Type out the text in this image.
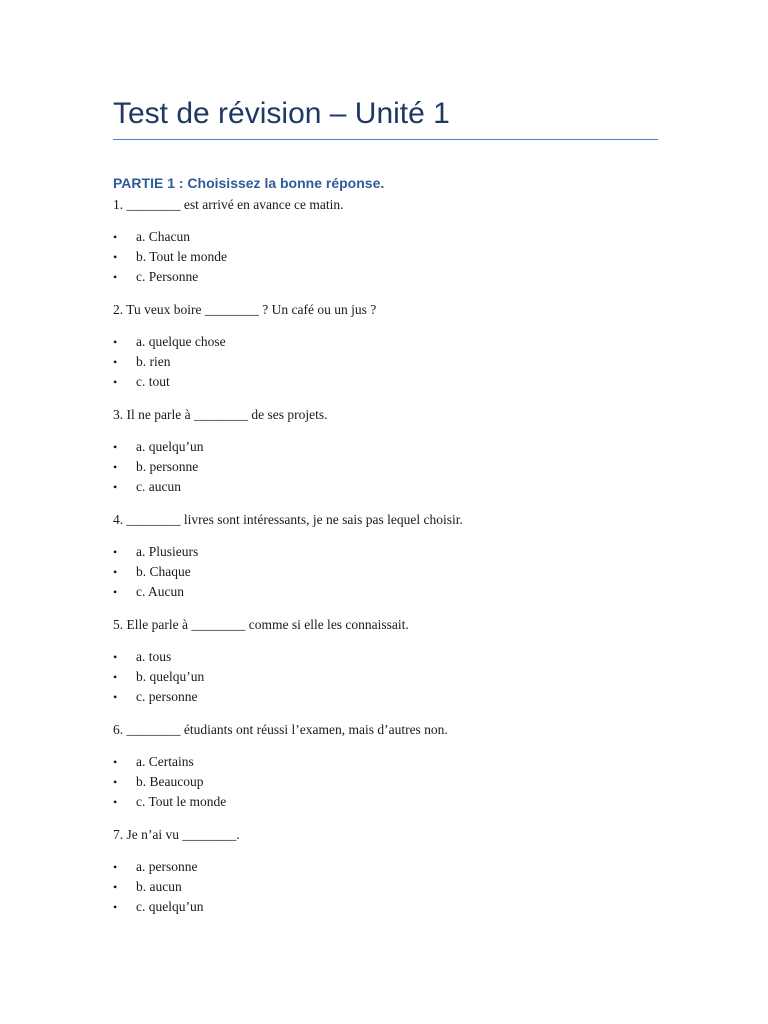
Test de révision – Unité 1
PARTIE 1 : Choisissez la bonne réponse.

1. ________ est arrivé en avance ce matin.

•	a. Chacun
•	b. Tout le monde
•	c. Personne

2. Tu veux boire ________ ? Un café ou un jus ?

•	a. quelque chose
•	b. rien
•	c. tout

3. Il ne parle à ________ de ses projets.

•	a. quelqu’un
•	b. personne
•	c. aucun

4. ________ livres sont intéressants, je ne sais pas lequel choisir.

•	a. Plusieurs
•	b. Chaque
•	c. Aucun

5. Elle parle à ________ comme si elle les connaissait.

•	a. tous
•	b. quelqu’un
•	c. personne

6. ________ étudiants ont réussi l’examen, mais d’autres non.

•	a. Certains
•	b. Beaucoup
•	c. Tout le monde

7. Je n’ai vu ________.

•	a. personne
•	b. aucun
•	c. quelqu’un
